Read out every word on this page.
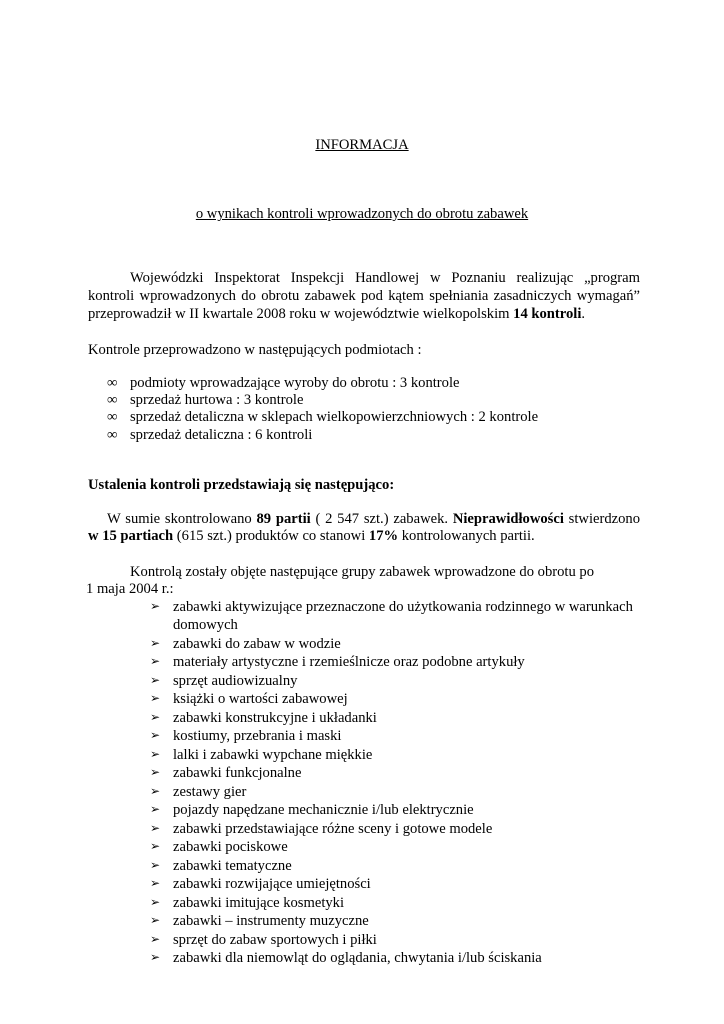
INFORMACJA
o wynikach kontroli wprowadzonych do obrotu zabawek
Wojewódzki Inspektorat Inspekcji Handlowej w Poznaniu realizując „program
kontroli wprowadzonych do obrotu zabawek pod kątem spełniania zasadniczych wymagań”
przeprowadził w II kwartale 2008 roku w województwie wielkopolskim 14 kontroli.
Kontrole przeprowadzono w następujących podmiotach :
∞ podmioty wprowadzające wyroby do obrotu : 3 kontrole
∞ sprzedaż hurtowa : 3 kontrole
∞ sprzedaż detaliczna w sklepach wielkopowierzchniowych : 2 kontrole
∞ sprzedaż detaliczna : 6 kontroli
Ustalenia kontroli przedstawiają się następująco:
W sumie skontrolowano 89 partii ( 2 547 szt.) zabawek. Nieprawidłowości stwierdzono
w 15 partiach (615 szt.) produktów co stanowi 17% kontrolowanych partii.
Kontrolą zostały objęte następujące grupy zabawek wprowadzone do obrotu po
1 maja 2004 r.:
➢ zabawki aktywizujące przeznaczone do użytkowania rodzinnego w warunkach
domowych
➢ zabawki do zabaw w wodzie
➢ materiały artystyczne i rzemieślnicze oraz podobne artykuły
➢ sprzęt audiowizualny
➢ książki o wartości zabawowej
➢ zabawki konstrukcyjne i układanki
➢ kostiumy, przebrania i maski
➢ lalki i zabawki wypchane miękkie
➢ zabawki funkcjonalne
➢ zestawy gier
➢ pojazdy napędzane mechanicznie i/lub elektrycznie
➢ zabawki przedstawiające różne sceny i gotowe modele
➢ zabawki pociskowe
➢ zabawki tematyczne
➢ zabawki rozwijające umiejętności
➢ zabawki imitujące kosmetyki
➢ zabawki – instrumenty muzyczne
➢ sprzęt do zabaw sportowych i piłki
➢ zabawki dla niemowląt do oglądania, chwytania i/lub ściskania
